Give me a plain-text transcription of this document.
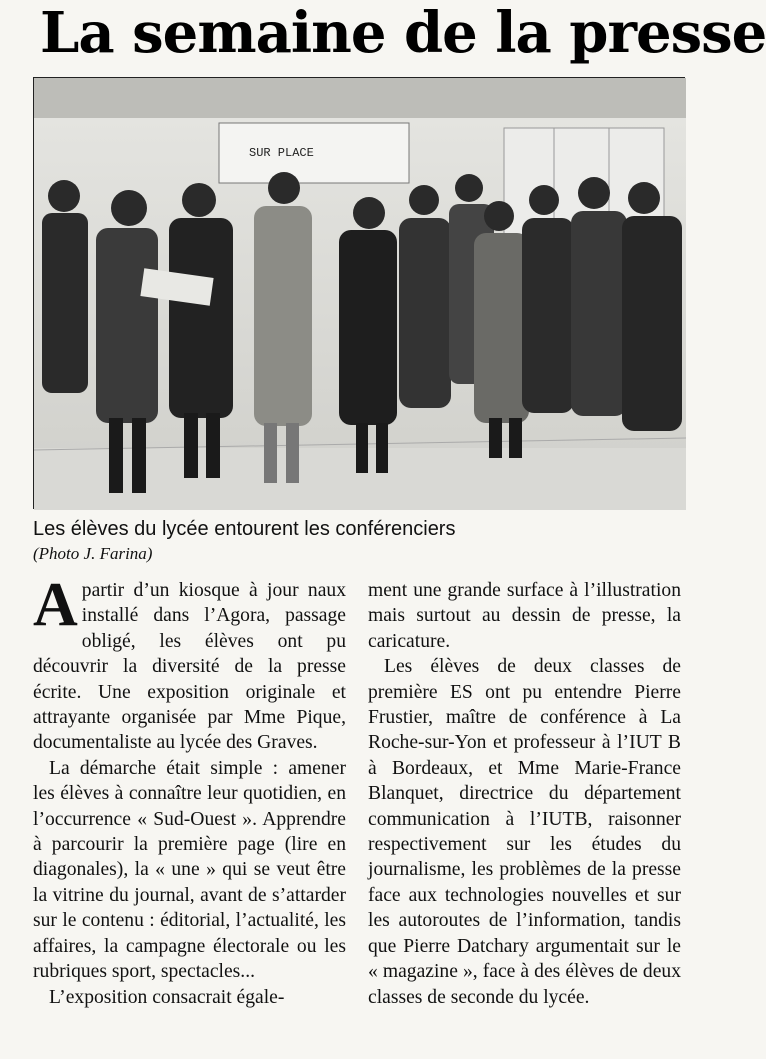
La semaine de la presse
SUR PLACE
Les élèves du lycée entourent les conférenciers
(Photo J. Farina)

Apartir d’un kiosque à jour naux installé dans l’Agora, passage obligé, les élèves ont pu découvrir la diversité de la presse écrite. Une exposition originale et attrayante organisée par Mme Pique, documentaliste au lycée des Graves.

La démarche était simple : amener les élèves à connaître leur quotidien, en l’occurrence « Sud-Ouest ». Apprendre à parcourir la première page (lire en diagonales), la « une » qui se veut être la vitrine du journal, avant de s’attarder sur le contenu : éditorial, l’actualité, les affaires, la campagne électorale ou les rubriques sport, spectacles...

L’exposition consacrait égale-

ment une grande surface à l’illustration mais surtout au dessin de presse, la caricature.

Les élèves de deux classes de première ES ont pu entendre Pierre Frustier, maître de conférence à La Roche-sur-Yon et professeur à l’IUT B à Bordeaux, et Mme Marie-France Blanquet, directrice du département communication à l’IUTB, raisonner respectivement sur les études du journalisme, les problèmes de la presse face aux technologies nouvelles et sur les autoroutes de l’information, tandis que Pierre Datchary argumentait sur le « magazine », face à des élèves de deux classes de seconde du lycée.
